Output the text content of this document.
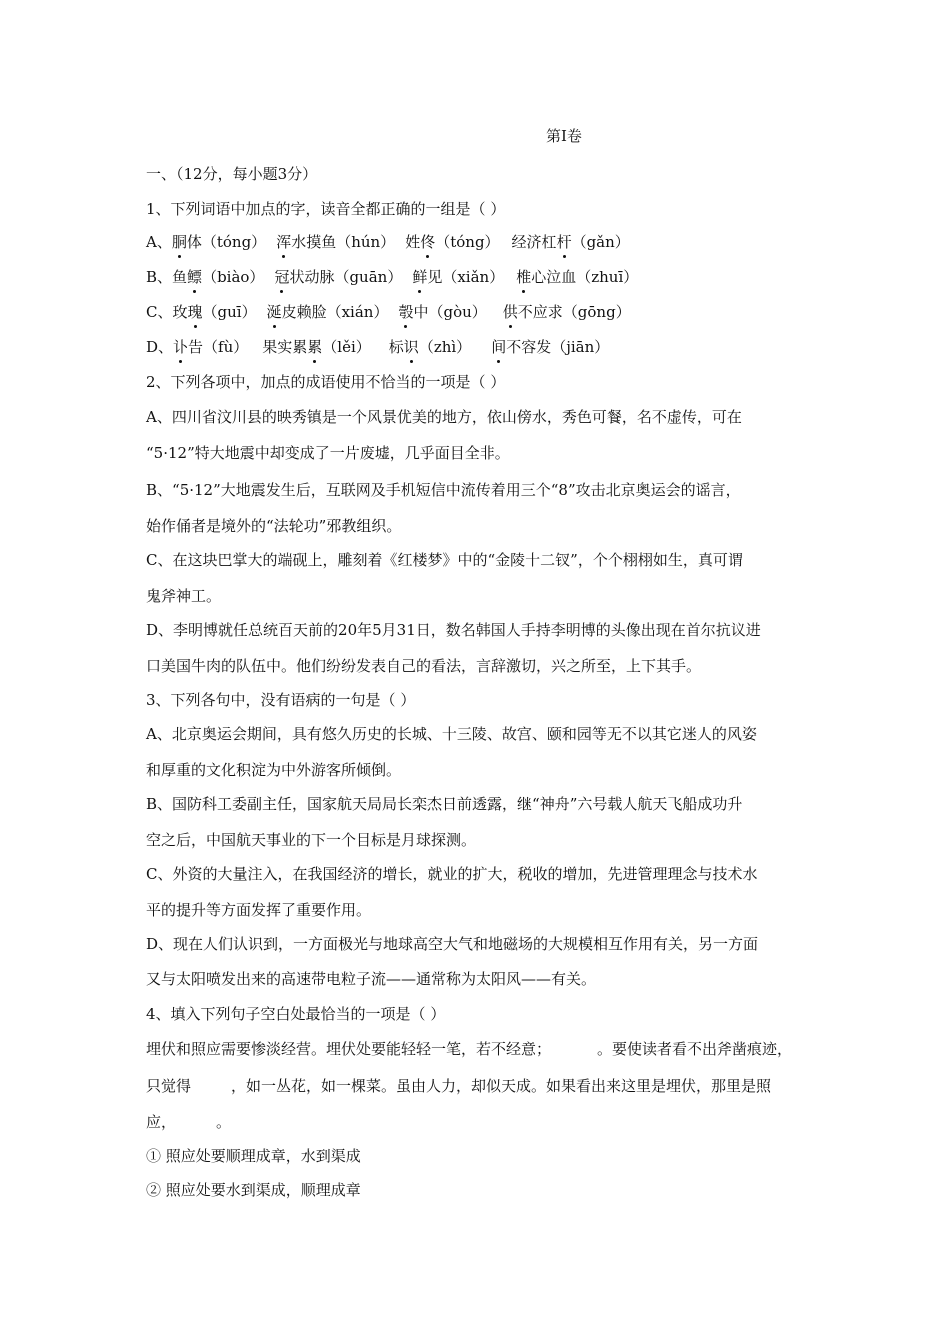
第Ⅰ卷
一、（12分，每小题3分）
1、下列词语中加点的字，读音全都正确的一组是（ ）
A、胴体（tóng） 浑水摸鱼（hún） 姓佟（tóng） 经济杠杆（gǎn）
B、鱼鳔（biào） 冠状动脉（guān） 鲜见（xiǎn） 椎心泣血（zhuī）
C、玫瑰（guī） 涎皮赖脸（xián） 彀中（gòu） 供不应求（gōng）
D、讣告（fù） 果实累累（lěi） 标识（zhì） 间不容发（jiān）
2、下列各项中，加点的成语使用不恰当的一项是（ ）
A、四川省汶川县的映秀镇是一个风景优美的地方，依山傍水，秀色可餐，名不虚传，可在
“5·12”特大地震中却变成了一片废墟，几乎面目全非。
B、“5·12”大地震发生后，互联网及手机短信中流传着用三个“8”攻击北京奥运会的谣言，
始作俑者是境外的“法轮功”邪教组织。
C、在这块巴掌大的端砚上，雕刻着《红楼梦》中的“金陵十二钗”，个个栩栩如生，真可谓
鬼斧神工。
D、李明博就任总统百天前的20年5月31日，数名韩国人手持李明博的头像出现在首尔抗议进
口美国牛肉的队伍中。他们纷纷发表自己的看法，言辞激切，兴之所至，上下其手。
3、下列各句中，没有语病的一句是（ ）
A、北京奥运会期间，具有悠久历史的长城、十三陵、故宫、颐和园等无不以其它迷人的风姿
和厚重的文化积淀为中外游客所倾倒。
B、国防科工委副主任，国家航天局局长栾杰日前透露，继“神舟”六号载人航天飞船成功升
空之后，中国航天事业的下一个目标是月球探测。
C、外资的大量注入，在我国经济的增长，就业的扩大，税收的增加，先进管理理念与技术水
平的提升等方面发挥了重要作用。
D、现在人们认识到，一方面极光与地球高空大气和地磁场的大规模相互作用有关，另一方面
又与太阳喷发出来的高速带电粒子流——通常称为太阳风——有关。
4、填入下列句子空白处最恰当的一项是（ ）
埋伏和照应需要惨淡经营。埋伏处要能轻轻一笔，若不经意；	。要使读者看不出斧凿痕迹，
只觉得	，如一丛花，如一棵菜。虽由人力，却似天成。如果看出来这里是埋伏，那里是照
应，	。
① 照应处要顺理成章，水到渠成
② 照应处要水到渠成，顺理成章
